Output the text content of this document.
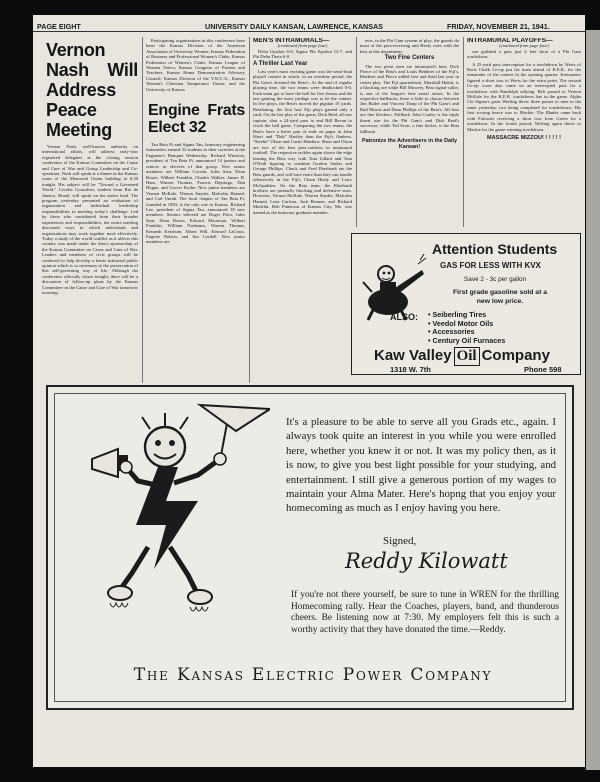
PAGE EIGHT	UNIVERSITY DAILY KANSAN, LAWRENCE, KANSAS	FRIDAY, NOVEMBER 21, 1941.
Vernon Nash Will Address Peace Meeting

Vernon Nash, well-known authority on international affairs, will address sixty-four registered delegates at the closing session conference of the Kansas Committee on the Cause and Cure of War and Group Leadership and Co-operation. Nash will speak at a dinner in the Kansas room of the Memorial Union building at 6:30 tonight. His subject will be "Toward a Governed World." Cecelia Gonsalves, student from Rio de Janeiro, Brazil, will speak on her native land. The program yesterday presented an evaluation of organization and individual leadership responsibilities in meeting today's challenge. Led by those who contributed from their broader experiences and responsibilities, the entire meeting discussed ways in which individuals and organizations may work together most effectively. Today a study of the world conflict as it affects this country was made under the direct sponsorship of the Kansas Committee on Cause and Cure of War. Leaders and members of civic groups will be conferred to help develop a better informed public opinion which is so necessary to the preservation of this self-governing way of life. Although the conference officially closes tonight, there will be a discussion of follow-up plans by the Kansas Committee on the Cause and Cure of War tomorrow morning.

Participating organizations in this conference have been the Kansas Division of the American Association of University Women; Kansas Federation of Business and Professional Women's Clubs; Kansas Federation of Women's Clubs; Kansas League of Women Voters; Kansas Congress of Parents and Teachers; Kansas Home Demonstration Advisory Council; Kansas Division of the Y.W.C.A.; Kansas Women's Christian Temperance Union; and the University of Kansas.

Engine Frats Elect 32

Tau Beta Pi and Sigma Tau, honorary engineering fraternities, named 32 students to their societies at the Engineer's Banquet Wednesday. Richard Winslow, president of Tau Beta Pi, announced 14 juniors and seniors as electees of that group. New senior members are William Corwin, Jules Saut, Dean Rosen, Wilbert Franklin, Charles Walker, James H. Ham, Warren Thomas, Francis Depringo, Dan Hogue, and Grover Kotler. New junior members are Vernon McKale, Warren Snyder, Malcolm Harned, and Carl Unruh. The local chapter of Tau Beta Pi, founded in 1903, is the only one in Kansas. Richard Lee, president of Sigma Tau, announced 18 new members. Seniors selected are Roger Prior, Jules Saut, Dean Rosen, Edward Moorman, Wilbert Franklin, William Nusbaum, Warren Thomas, Kenneth Ketchum, Albert Will, Edward LaCroix, Eugene Nelson, and Jim Cordell. New junior members are

MEN'S INTRAMURALS—
(continued from page four)

Delta Upsilon 6-0, Sigma Phi Epsilon 12-7, and Phi Delta Theta 6-0.

A Thriller Last Year

Last year's most exciting game was the semi-final playoff contest in which, in an overtime period, the Phi Gam's downed the Beta's. At the end of regular playing time, the two teams were deadlocked 0-0. Each team got to have the ball for five downs and the one gaining the most yardage was to be the winner. In five plays, the Beta's moved the pigskin 15 yards. Retaliating, the first four Fiji plays gained only a yard. On the last play of the game, Dick Reid, all-star captain, shot a 24-yard pass to end Bill Bevan to cinch the ball game. Comparing the two teams, the Beta's have a better pair of ends on paper in John Short and "Dub" Hartley than the Fiji's flankers, "Steelie" Olson and Curtis Hinshaw. Short and Olson are two of the best pass-catchers in intramural football. The respective tackles again shows the edge leaning the Beta way with Tom Lillard and Tom O'Neill figuring to outshine Gordon Stuker and George Phillips. Chuck and Fred Eberhardt are the Beta guards, and will have more than they can handle offensively in the Fiji's Chain Healy and Larry McSpadden. On the Beta team, the Eberhardt brothers are primarily blocking and defensive stars. However, Vernon McKale, Warren Snyder, Malcolm Harned, Leon Carlson, Jack Beamer, and Richard Macklin. Bob Patterson of Kansas City, Mo. was named as the honorary graduate member.

ever, in the Phi Gam system of play, the guards do most of the pass-receiving and Healy rates with the best in this department.

Two Fine Centers

The two pivot men are intramural's best, Dick Pierce of the Beta's and Louis Beiderer of the Fiji's. Beiderer and Pierce added first and third last year in center play. The Fiji quarterback, Marshall Hulett, is a blocking ace while Bill Mowery, Beta signal-caller, is one of the league's best aerial artists. In the respective halfbacks, there is little to choose between Jim Butler and Vincent Tharp of the Phi Gam's and Bud Morris and Dean Phillips of the Beta's. All four are fine blockers. Fullback John Conley is the triple threat star for the Phi Gam's and Dick Reid's successor, while Ted Scott, a fine kicker, is the Beta fullback.

Patronize the Advertisers in the Daily Kansan!
INTRAMURAL PLAYOFFS—
(continued from page four)

son grabbed a pass just 2 feet short of a Phi Gam touchdown.

A 25-yard pass interception for a touchdown by Werts of Rock Chalk Co-op put his team ahead of K.E.K. for the remainder of the contest in the opening quarter. Kretzmeier figured a short toss to Werts for the extra point. The second Co-op score also came on an intercepted pass for a touchdown with Randolph tallying. Belt passed to Vernon McKale for the K.E.K. touchdown late in the game. Alpha Chi Sigma's great Werling threw three passes to men in the same yesterday, two being completed for touchdowns. His first scoring heave was to Mackie. The Blanks came back with Falconer receiving a short toss from Green for a touchdown. In the fourth period, Werling again threw to Mackie for the game-winning touchdown.

MASSACRE MIZZOU! ! ! ! ! !
Attention Students
GAS FOR LESS WITH KVX
Save 2 - 3c per gallon
First grade gasoline sold at a new low price.
ALSO: • Seiberling Tires
• Veedol Motor Oils
• Accessories
• Century Oil Furnaces
Kaw Valley Oil Company
1318 W. 7th	Phone 598
It's a pleasure to be able to serve all you Grads etc., again. I always took quite an interest in you while you were enrolled here, whether you knew it or not. It was my policy then, as it is now, to give you best light possible for your studying, and entertainment. I still give a generous portion of my wages to maintain your Alma Mater. Here's hopng that you enjoy your homecoming as much as I enjoy having you here.
Signed,
Reddy Kilowatt
If you're not there yourself, be sure to tune in WREN for the thrilling Homecoming rally. Hear the Coaches, players, band, and thunderous cheers. Be listening now at 7:30. My employers felt this is such a worthy activity that they have donated the time.—Reddy.
The Kansas Electric Power Company
